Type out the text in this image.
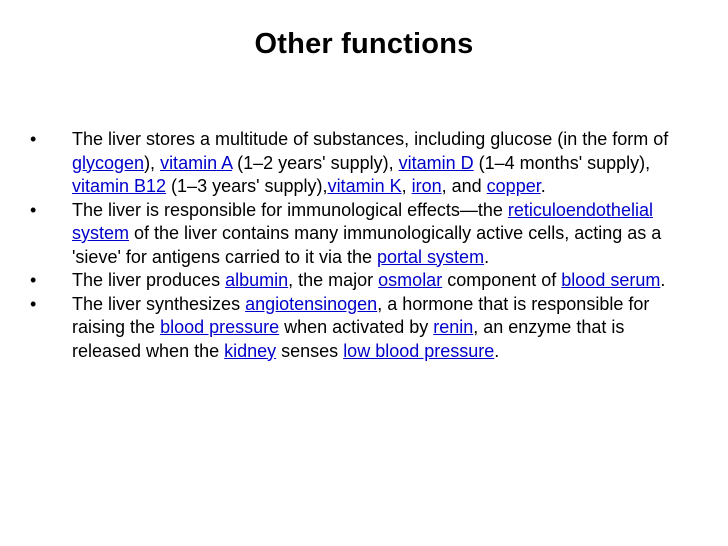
Other functions
• The liver stores a multitude of substances, including glucose (in the form of glycogen), vitamin A (1–2 years' supply), vitamin D (1–4 months' supply), vitamin B12 (1–3 years' supply),vitamin K, iron, and copper.
• The liver is responsible for immunological effects—the reticuloendothelial system of the liver contains many immunologically active cells, acting as a 'sieve' for antigens carried to it via the portal system.
• The liver produces albumin, the major osmolar component of blood serum.
• The liver synthesizes angiotensinogen, a hormone that is responsible for raising the blood pressure when activated by renin, an enzyme that is released when the kidney senses low blood pressure.
